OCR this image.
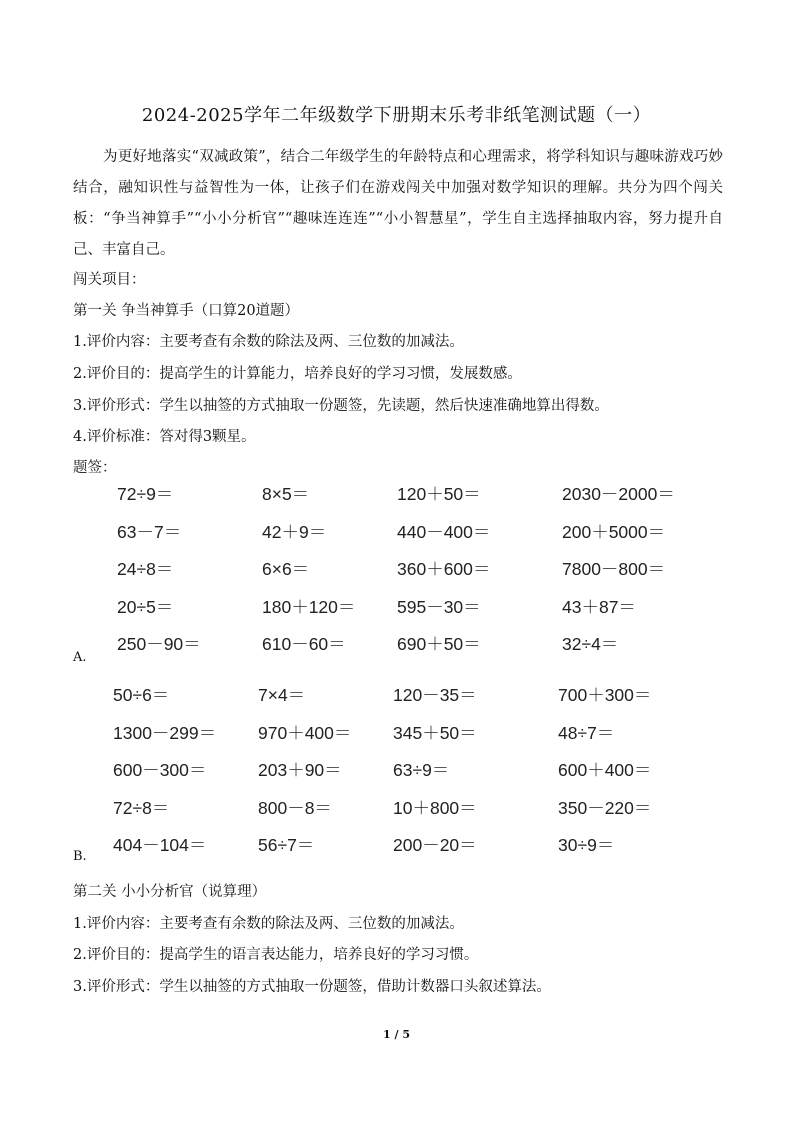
2024-2025学年二年级数学下册期末乐考非纸笔测试题（一）
为更好地落实“双减政策”，结合二年级学生的年龄特点和心理需求，将学科知识与趣味游戏巧妙结合，融知识性与益智性为一体，让孩子们在游戏闯关中加强对数学知识的理解。共分为四个闯关板：“争当神算手”“小小分析官”“趣味连连连”“小小智慧星”，学生自主选择抽取内容，努力提升自己、丰富自己。
闯关项目：
第一关 争当神算手（口算20道题）
1.评价内容：主要考查有余数的除法及两、三位数的加减法。
2.评价目的：提高学生的计算能力，培养良好的学习习惯，发展数感。
3.评价形式：学生以抽签的方式抽取一份题签，先读题，然后快速准确地算出得数。
4.评价标准：答对得3颗星。
题签：
72÷9＝	8×5＝	120＋50＝	2030－2000＝
63－7＝	42＋9＝	440－400＝	200＋5000＝
24÷8＝	6×6＝	360＋600＝	7800－800＝
20÷5＝	180＋120＝	595－30＝	43＋87＝
250－90＝	610－60＝	690＋50＝	32÷4＝
A.
50÷6＝	7×4＝	120－35＝	700＋300＝
1300－299＝	970＋400＝	345＋50＝	48÷7＝
600－300＝	203＋90＝	63÷9＝	600＋400＝
72÷8＝	800－8＝	10＋800＝	350－220＝
404－104＝	56÷7＝	200－20＝	30÷9＝
B.
第二关 小小分析官（说算理）
1.评价内容：主要考查有余数的除法及两、三位数的加减法。
2.评价目的：提高学生的语言表达能力，培养良好的学习习惯。
3.评价形式：学生以抽签的方式抽取一份题签，借助计数器口头叙述算法。
1 / 5
